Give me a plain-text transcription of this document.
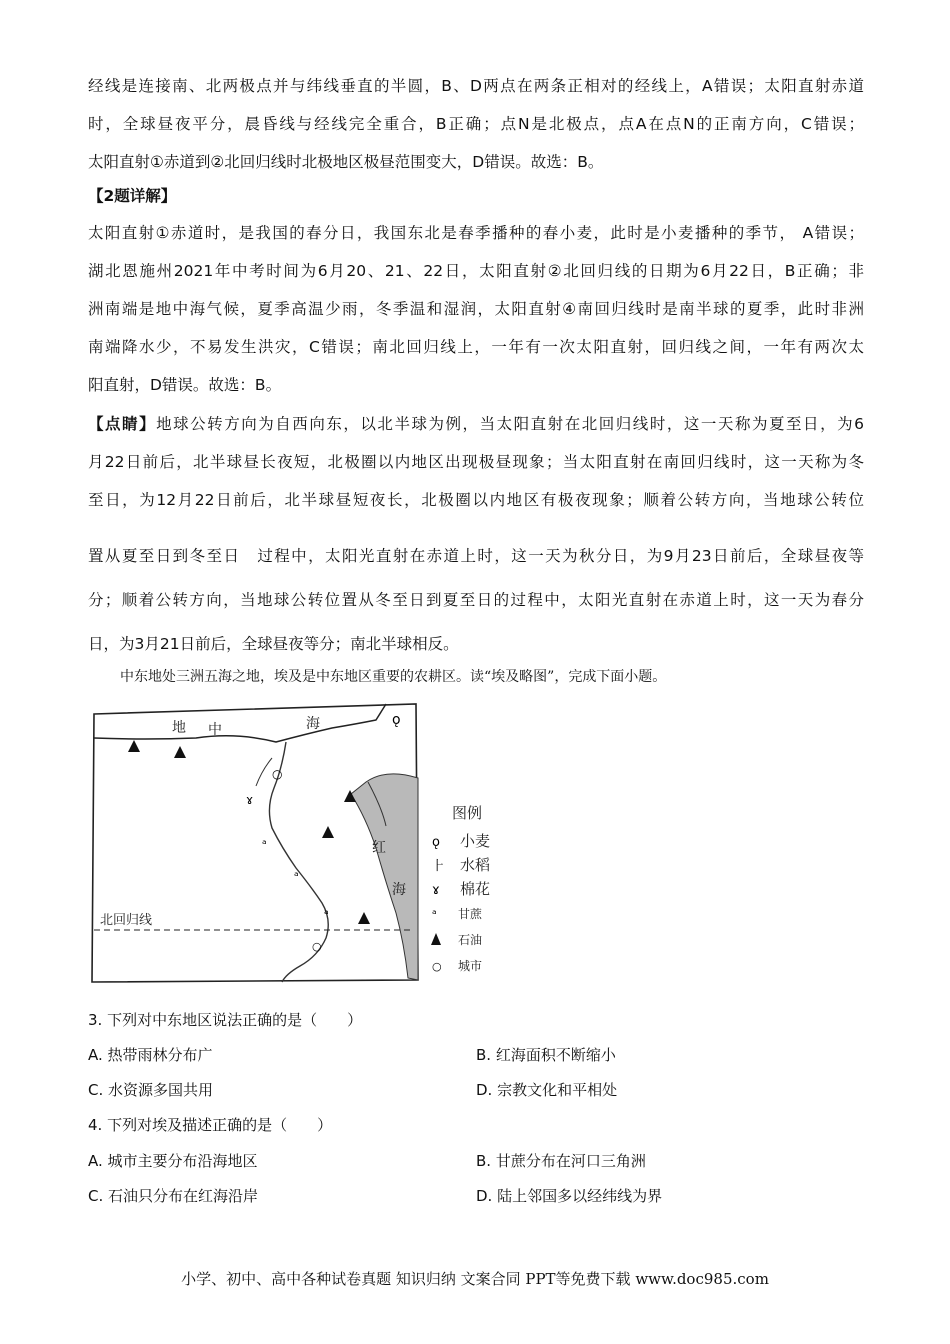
经线是连接南、北两极点并与纬线垂直的半圆，B、D两点在两条正相对的经线上，A错误；太阳直射赤道
时，全球昼夜平分，晨昏线与经线完全重合，B正确；点N是北极点，点A在点N的正南方向，C错误；
太阳直射①赤道到②北回归线时北极地区极昼范围变大，D错误。故选：B。
【2题详解】
太阳直射①赤道时，是我国的春分日，我国东北是春季播种的春小麦，此时是小麦播种的季节， A错误；
湖北恩施州2021年中考时间为6月20、21、22日，太阳直射②北回归线的日期为6月22日，B正确；非
洲南端是地中海气候，夏季高温少雨，冬季温和湿润，太阳直射④南回归线时是南半球的夏季，此时非洲
南端降水少，不易发生洪灾，C错误；南北回归线上，一年有一次太阳直射，回归线之间，一年有两次太
阳直射，D错误。故选：B。
【点睛】地球公转方向为自西向东，以北半球为例，当太阳直射在北回归线时，这一天称为夏至日，为6
月22日前后，北半球昼长夜短，北极圈以内地区出现极昼现象；当太阳直射在南回归线时，这一天称为冬
至日，为12月22日前后，北半球昼短夜长，北极圈以内地区有极夜现象；顺着公转方向，当地球公转位
置从夏至日到冬至日　过程中，太阳光直射在赤道上时，这一天为秋分日，为9月23日前后，全球昼夜等
分；顺着公转方向，当地球公转位置从冬至日到夏至日的过程中，太阳光直射在赤道上时，这一天为春分
日，为3月21日前后，全球昼夜等分；南北半球相反。
中东地处三洲五海之地，埃及是中东地区重要的农耕区。读“埃及略图”，完成下面小题。
○
ɤ
ᵃ
ᵃ
ᵃ
○
ǫ
北回归线
地 中	海
红
海
图例
ǫ 小麦
⺊ 水稻
ɤ 棉花
ᵃ 甘蔗
石油
○ 城市
3. 下列对中东地区说法正确的是（　　）
A. 热带雨林分布广	B. 红海面积不断缩小
C. 水资源多国共用	D. 宗教文化和平相处
4. 下列对埃及描述正确的是（　　）
A. 城市主要分布沿海地区	B. 甘蔗分布在河口三角洲
C. 石油只分布在红海沿岸	D. 陆上邻国多以经纬线为界
小学、初中、高中各种试卷真题 知识归纳 文案合同 PPT等免费下载 www.doc985.com
